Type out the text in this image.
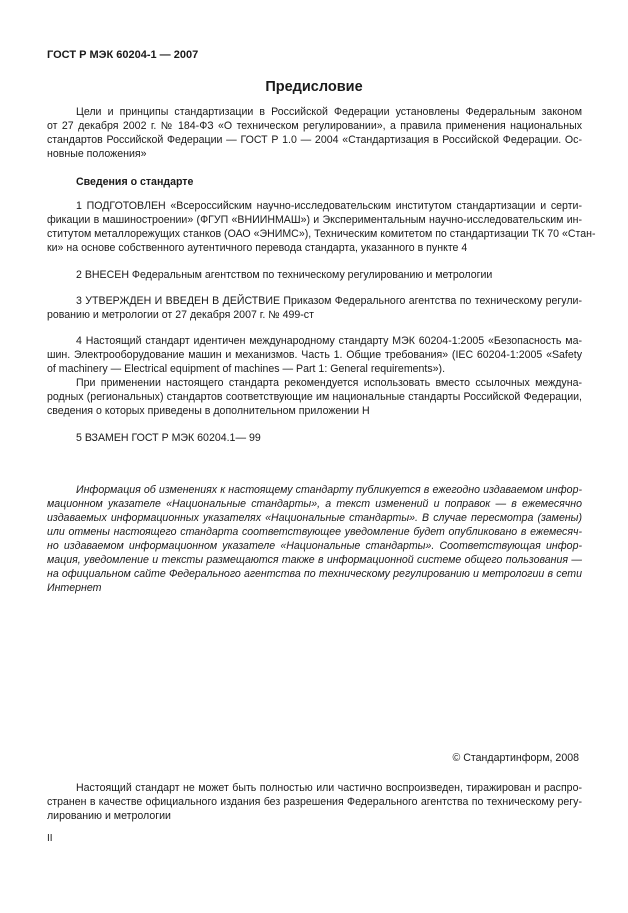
ГОСТ Р МЭК 60204-1 — 2007
Предисловие
Цели и принципы стандартизации в Российской Федерации установлены Федеральным законом
от 27 декабря 2002 г. № 184-ФЗ «О техническом регулировании», а правила применения национальных
стандартов Российской Федерации — ГОСТ Р 1.0 — 2004 «Стандартизация в Российской Федерации. Ос-
новные положения»
Сведения о стандарте
1 ПОДГОТОВЛЕН «Всероссийским научно-исследовательским институтом стандартизации и серти-
фикации в машиностроении» (ФГУП «ВНИИНМАШ») и Экспериментальным научно-исследовательским ин-
ститутом металлорежущих станков (ОАО «ЭНИМС»), Техническим комитетом по стандартизации ТК 70 «Стан-
ки» на основе собственного аутентичного перевода стандарта, указанного в пункте 4
2 ВНЕСЕН Федеральным агентством по техническому регулированию и метрологии
3 УТВЕРЖДЕН И ВВЕДЕН В ДЕЙСТВИЕ Приказом Федерального агентства по техническому регули-
рованию и метрологии от 27 декабря 2007 г. № 499-ст
4 Настоящий стандарт идентичен международному стандарту МЭК 60204-1:2005 «Безопасность ма-
шин. Электрооборудование машин и механизмов. Часть 1. Общие требования» (IEC 60204-1:2005 «Safety
of machinery — Electrical equipment of machines — Part 1: General requirements»).
При применении настоящего стандарта рекомендуется использовать вместо ссылочных междуна-
родных (региональных) стандартов соответствующие им национальные стандарты Российской Федерации,
сведения о которых приведены в дополнительном приложении Н
5 ВЗАМЕН ГОСТ Р МЭК 60204.1— 99
Информация об изменениях к настоящему стандарту публикуется в ежегодно издаваемом инфор-
мационном указателе «Национальные стандарты», а текст изменений и поправок — в ежемесячно
издаваемых информационных указателях «Национальные стандарты». В случае пересмотра (замены)
или отмены настоящего стандарта соответствующее уведомление будет опубликовано в ежемесяч-
но издаваемом информационном указателе «Национальные стандарты». Соответствующая инфор-
мация, уведомление и тексты размещаются также в информационной системе общего пользования —
на официальном сайте Федерального агентства по техническому регулированию и метрологии в сети
Интернет
© Стандартинформ, 2008
Настоящий стандарт не может быть полностью или частично воспроизведен, тиражирован и распро-
странен в качестве официального издания без разрешения Федерального агентства по техническому регу-
лированию и метрологии
II
